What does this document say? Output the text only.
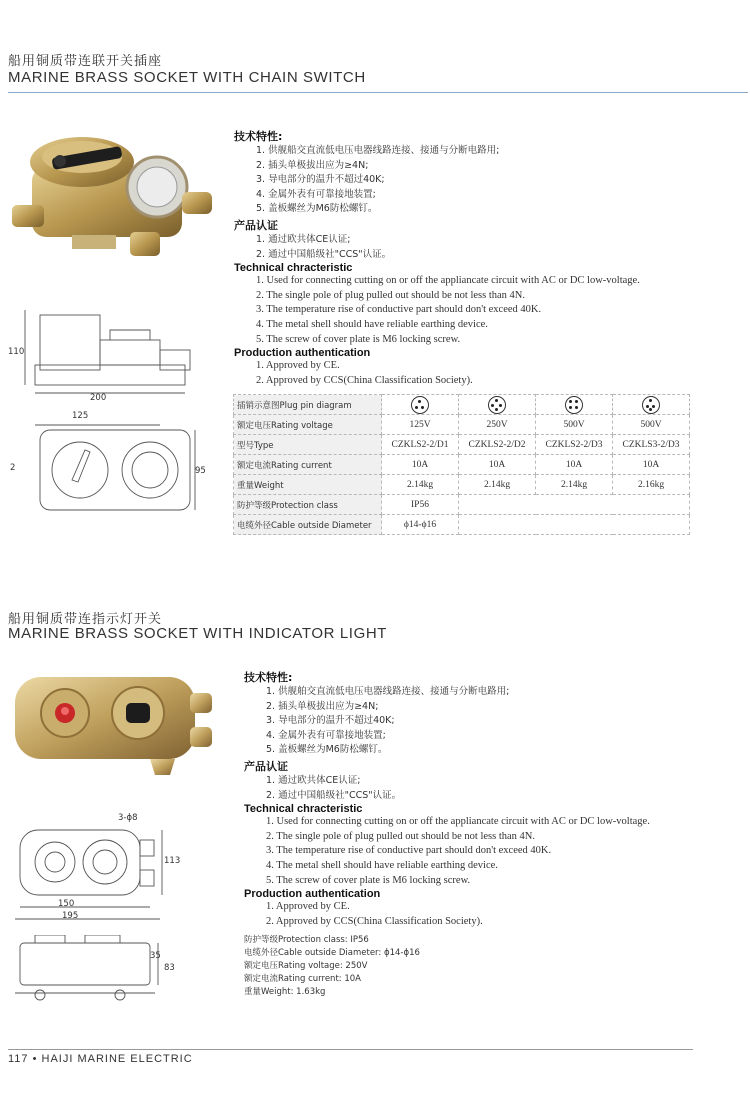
船用铜质带连联开关插座
MARINE BRASS SOCKET WITH CHAIN SWITCH
110
200
125
95
2
技术特性:
1. 供舰船交直流低电压电器线路连接、接通与分断电路用;
2. 插头单极拔出应为≥4N;
3. 导电部分的温升不超过40K;
4. 金属外表有可靠接地装置;
5. 盖板螺丝为M6防松螺钉。
产品认证
1. 通过欧共体CE认证;
2. 通过中国船级社"CCS"认证。
Technical chracteristic
1. Used for connecting cutting on or off the appliancate circuit with AC or DC low-voltage.
2. The single pole of plug pulled out should be not less than 4N.
3. The temperature rise of conductive part should don't exceed 40K.
4. The metal shell should have reliable earthing device.
5. The screw of cover plate is M6 locking screw.
Production authentication
1. Approved by CE.
2. Approved by CCS(China Classification Society).
插销示意图Plug pin diagram	

额定电压Rating voltage	125V	250V	500V	500V
型号Type	CZKLS2-2/D1	CZKLS2-2/D2	CZKLS2-2/D3	CZKLS3-2/D3
额定电流Rating current	10A	10A	10A	10A
重量Weight	2.14kg	2.14kg	2.14kg	2.16kg
防护等级Protection class	IP56			
电缆外径Cable outside Diameter	ϕ14-ϕ16			
船用铜质带连指示灯开关
MARINE BRASS SOCKET WITH INDICATOR LIGHT
3-ϕ8
150
195
113
35
83
技术特性:
1. 供舰舶交直流低电压电器线路连接、接通与分断电路用;
2. 插头单极拔出应为≥4N;
3. 导电部分的温升不超过40K;
4. 金属外表有可靠接地装置;
5. 盖板螺丝为M6防松螺钉。
产品认证
1. 通过欧共体CE认证;
2. 通过中国船级社"CCS"认证。
Technical chracteristic
1. Used for connecting cutting on or off the appliancate circuit with AC or DC low-voltage.
2. The single pole of plug pulled out should be not less than 4N.
3. The temperature rise of conductive part should don't exceed 40K.
4. The metal shell should have reliable earthing device.
5. The screw of cover plate is M6 locking screw.
Production authentication
1. Approved by CE.
2. Approved by CCS(China Classification Society).
防护等级Protection class: IP56
电缆外径Cable outside Diameter: ϕ14-ϕ16
额定电压Rating voltage: 250V
额定电流Rating current: 10A
重量Weight: 1.63kg
117 • HAIJI MARINE ELECTRIC
